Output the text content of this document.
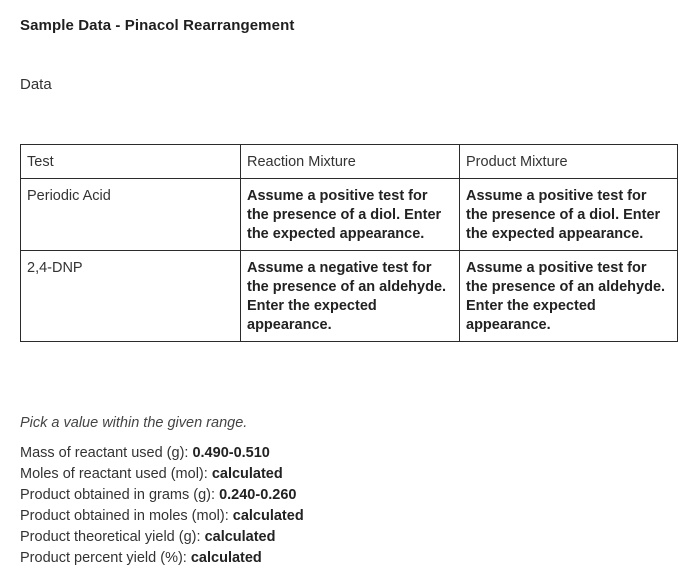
Sample Data - Pinacol Rearrangement
Data
Test	Reaction Mixture	Product Mixture
Periodic Acid	Assume a positive test for the presence of a diol. Enter the expected appearance.	Assume a positive test for the presence of a diol. Enter the expected appearance.
2,4-DNP	Assume a negative test for the presence of an aldehyde. Enter the expected appearance.	Assume a positive test for the presence of an aldehyde. Enter the expected appearance.
Pick a value within the given range.
Mass of reactant used (g): 0.490-0.510
Moles of reactant used (mol): calculated
Product obtained in grams (g): 0.240-0.260
Product obtained in moles (mol): calculated
Product theoretical yield (g): calculated
Product percent yield (%): calculated
